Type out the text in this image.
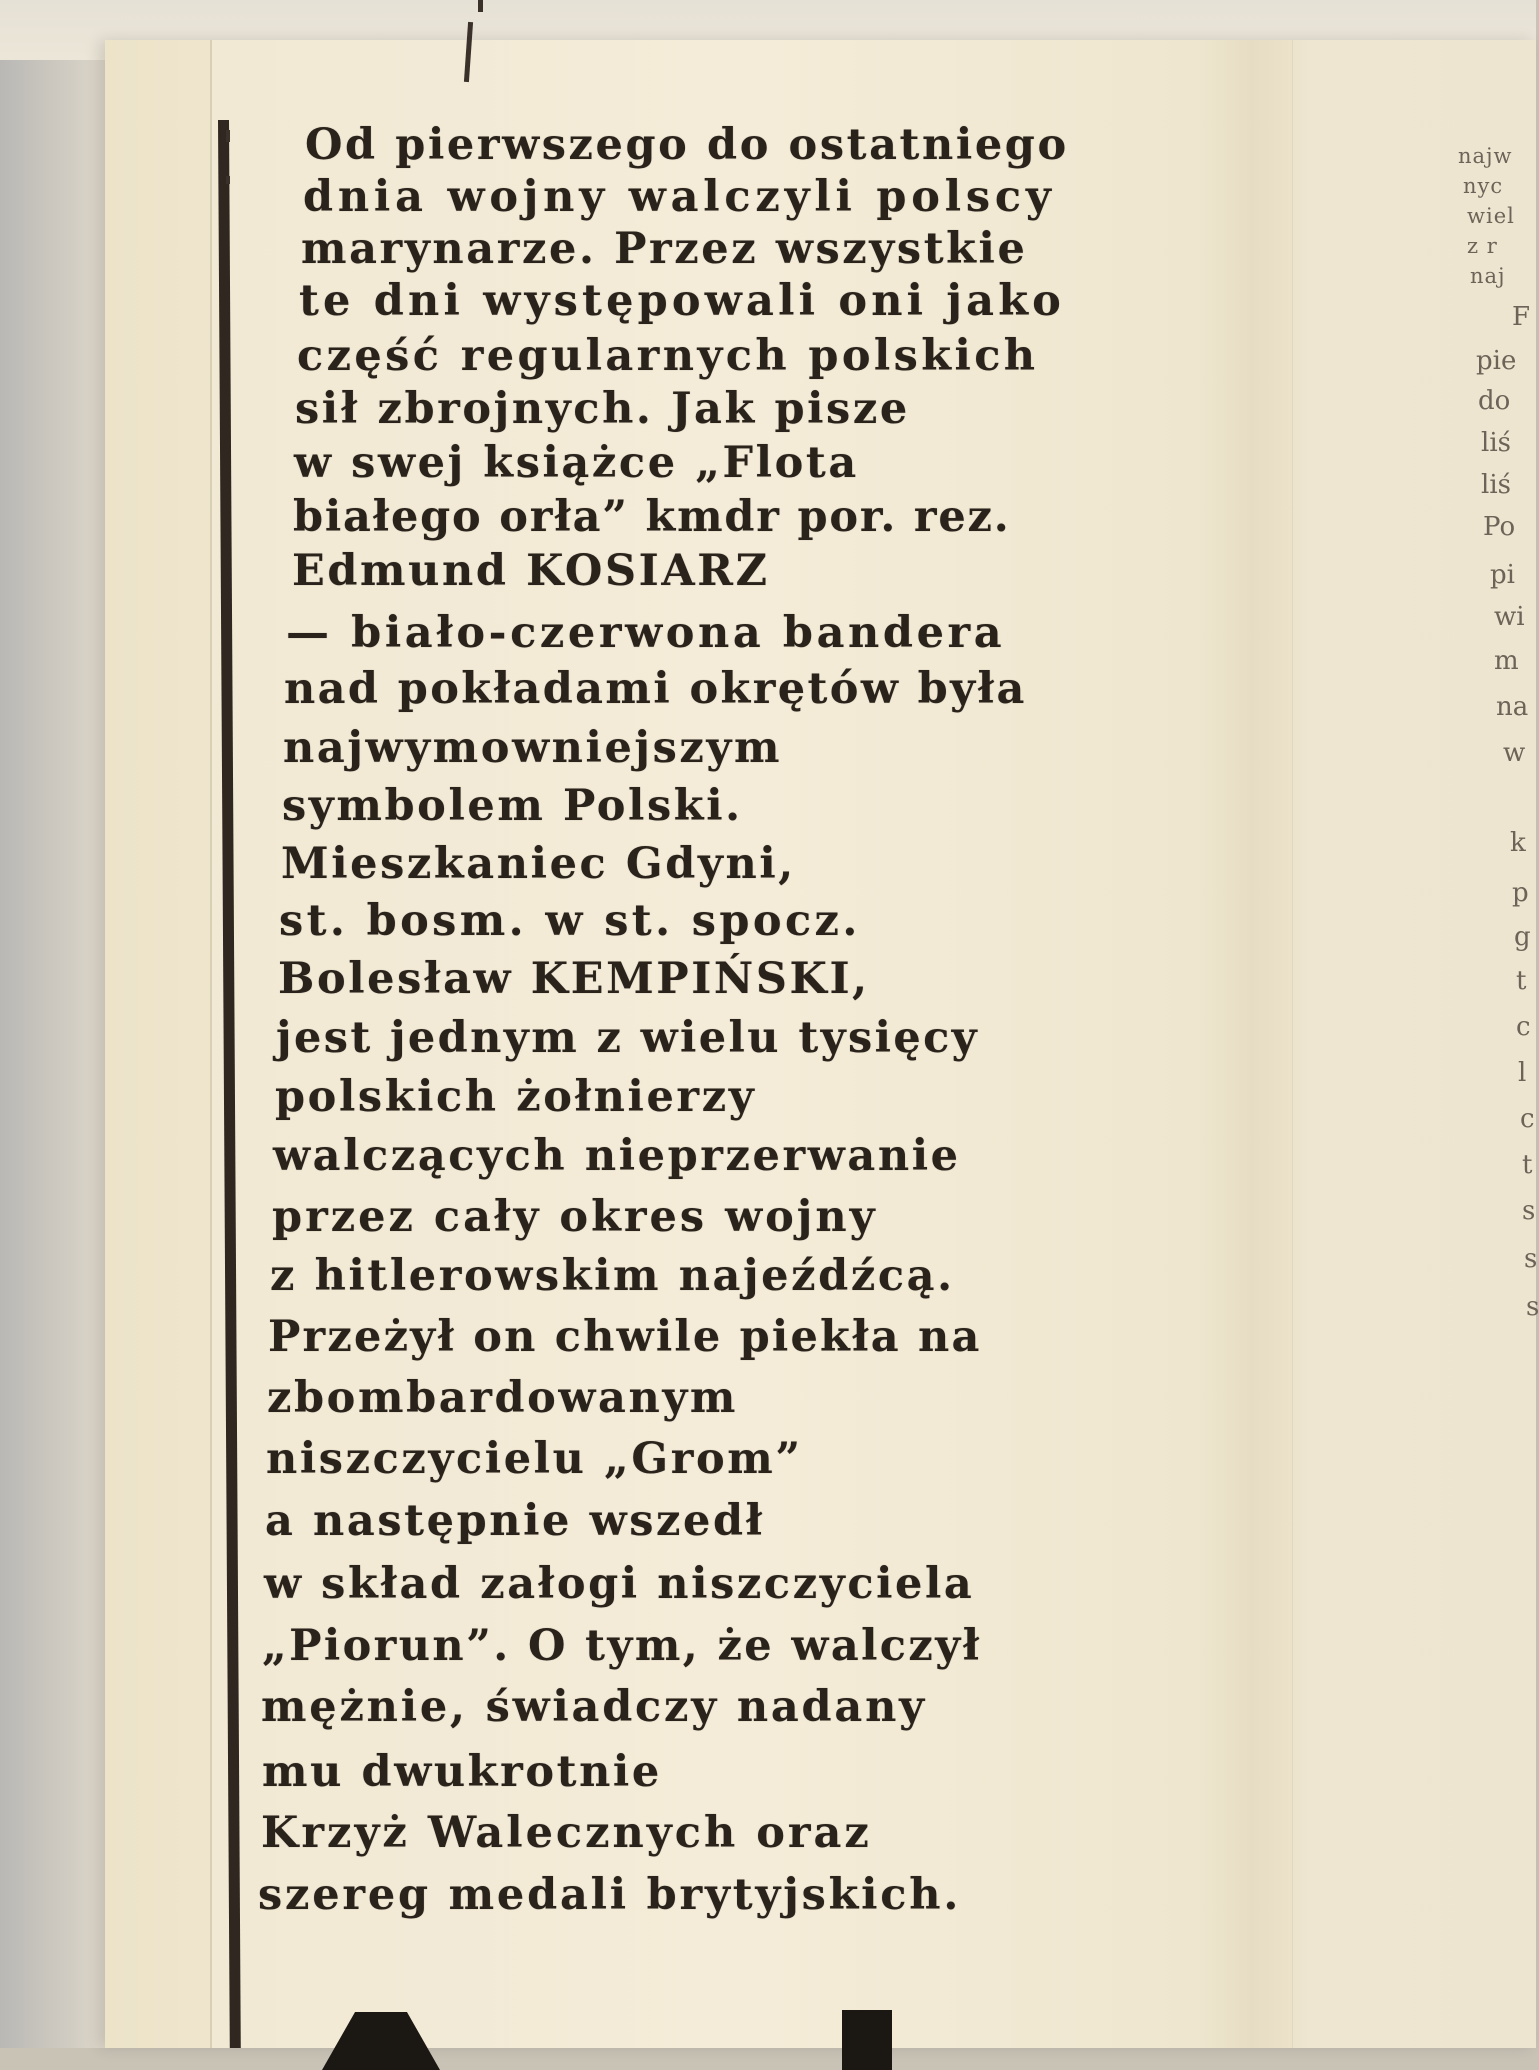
Od pierwszego do ostatniego
dnia wojny walczyli polscy
marynarze. Przez wszystkie
te dni występowali oni jako
część regularnych polskich
sił zbrojnych. Jak pisze
w swej książce „Flota
białego orła” kmdr por. rez.
Edmund KOSIARZ
— biało-czerwona bandera
nad pokładami okrętów była
najwymowniejszym
symbolem Polski.
Mieszkaniec Gdyni,
st. bosm. w st. spocz.
Bolesław KEMPIŃSKI,
jest jednym z wielu tysięcy
polskich żołnierzy
walczących nieprzerwanie
przez cały okres wojny
z hitlerowskim najeźdźcą.
Przeżył on chwile piekła na
zbombardowanym
niszczycielu „Grom”
a następnie wszedł
w skład załogi niszczyciela
„Piorun”. O tym, że walczył
mężnie, świadczy nadany
mu dwukrotnie
Krzyż Walecznych oraz
szereg medali brytyjskich.
najw
nyc
wiel
z r
naj
F
pie
do
liś
liś
Po
pi
wi
m
na
w
k
p
g
t
c
l
c
t
s
s
s
